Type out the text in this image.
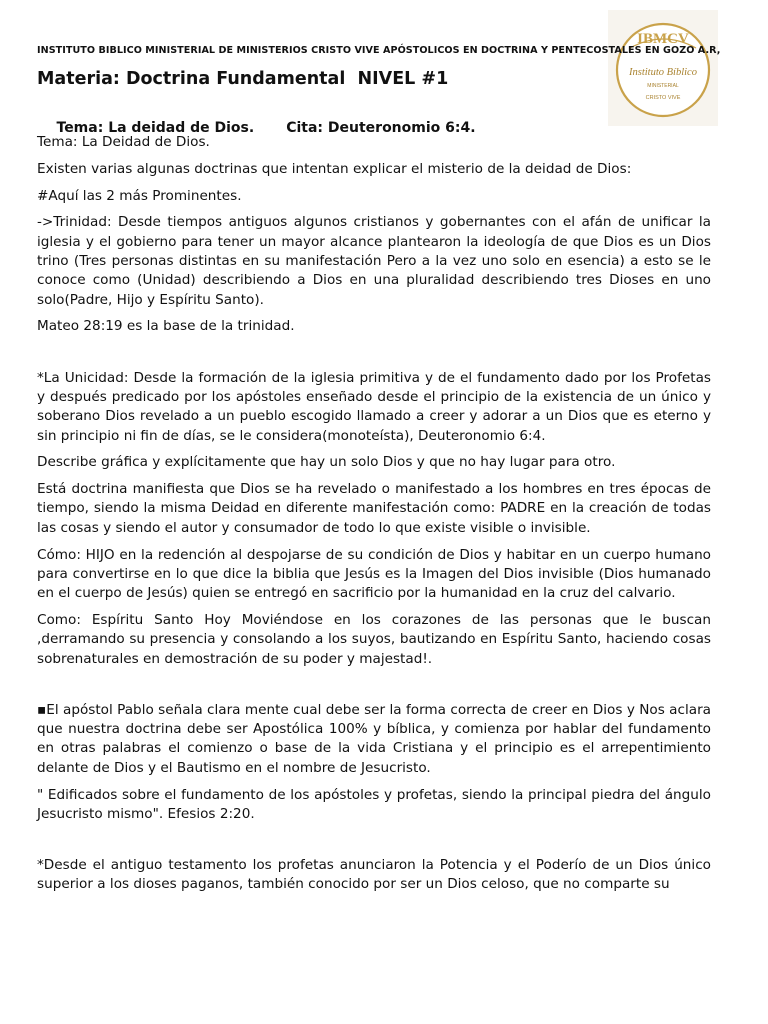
IBMCV
Instituto Bíblico
MINISTERIAL
CRISTO VIVE
INSTITUTO BIBLICO MINISTERIAL DE MINISTERIOS CRISTO VIVE APÓSTOLICOS EN DOCTRINA Y PENTECOSTALES EN GOZO A.R,
Materia: Doctrina Fundamental  NIVEL #1

Tema: La deidad de Dios. Cita: Deuteronomio 6:4.

Tema: La Deidad de Dios.

Existen varias algunas doctrinas que intentan explicar el misterio de la deidad de Dios:

#Aquí las 2 más Prominentes.

->Trinidad: Desde tiempos antiguos algunos cristianos y gobernantes con el afán de unificar la iglesia y el gobierno para tener un mayor alcance plantearon la ideología de que Dios es un Dios trino (Tres personas distintas en su manifestación Pero a la vez uno solo en esencia) a esto se le conoce como (Unidad) describiendo a Dios en una pluralidad describiendo tres Dioses en uno solo(Padre, Hijo y Espíritu Santo).

Mateo 28:19 es la base de la trinidad.

*La Unicidad: Desde la formación de la iglesia primitiva y de el fundamento dado por los Profetas y después predicado por los apóstoles enseñado desde el principio de la existencia de un único y soberano Dios revelado a un pueblo escogido llamado a creer y adorar a un Dios que es eterno y sin principio ni fin de días, se le considera(monoteísta), Deuteronomio 6:4.

Describe gráfica y explícitamente que hay un solo Dios y que no hay lugar para otro.

Está doctrina manifiesta que Dios se ha revelado o manifestado a los hombres en tres épocas de tiempo, siendo la misma Deidad en diferente manifestación como: PADRE en la creación de todas las cosas y siendo el autor y consumador de todo lo que existe visible o invisible.

Cómo: HIJO en la redención al despojarse de su condición de Dios y habitar en un cuerpo humano para convertirse en lo que dice la biblia que Jesús es la Imagen del Dios invisible (Dios humanado en el cuerpo de Jesús) quien se entregó en sacrificio por la humanidad en la cruz del calvario.

Como: Espíritu Santo Hoy Moviéndose en los corazones de las personas que le buscan ,derramando su presencia y consolando a los suyos, bautizando en Espíritu Santo, haciendo cosas sobrenaturales en demostración de su poder y majestad!.

▪El apóstol Pablo señala clara mente cual debe ser la forma correcta de creer en Dios y Nos aclara que nuestra doctrina debe ser Apostólica 100% y bíblica, y comienza por hablar del fundamento en otras palabras el comienzo o base de la vida Cristiana y el principio es el arrepentimiento delante de Dios y el Bautismo en el nombre de Jesucristo.

" Edificados sobre el fundamento de los apóstoles y profetas, siendo la principal piedra del ángulo Jesucristo mismo". Efesios 2:20.

*Desde el antiguo testamento los profetas anunciaron la Potencia y el Poderío de un Dios único superior a los dioses paganos, también conocido por ser un Dios celoso, que no comparte su
